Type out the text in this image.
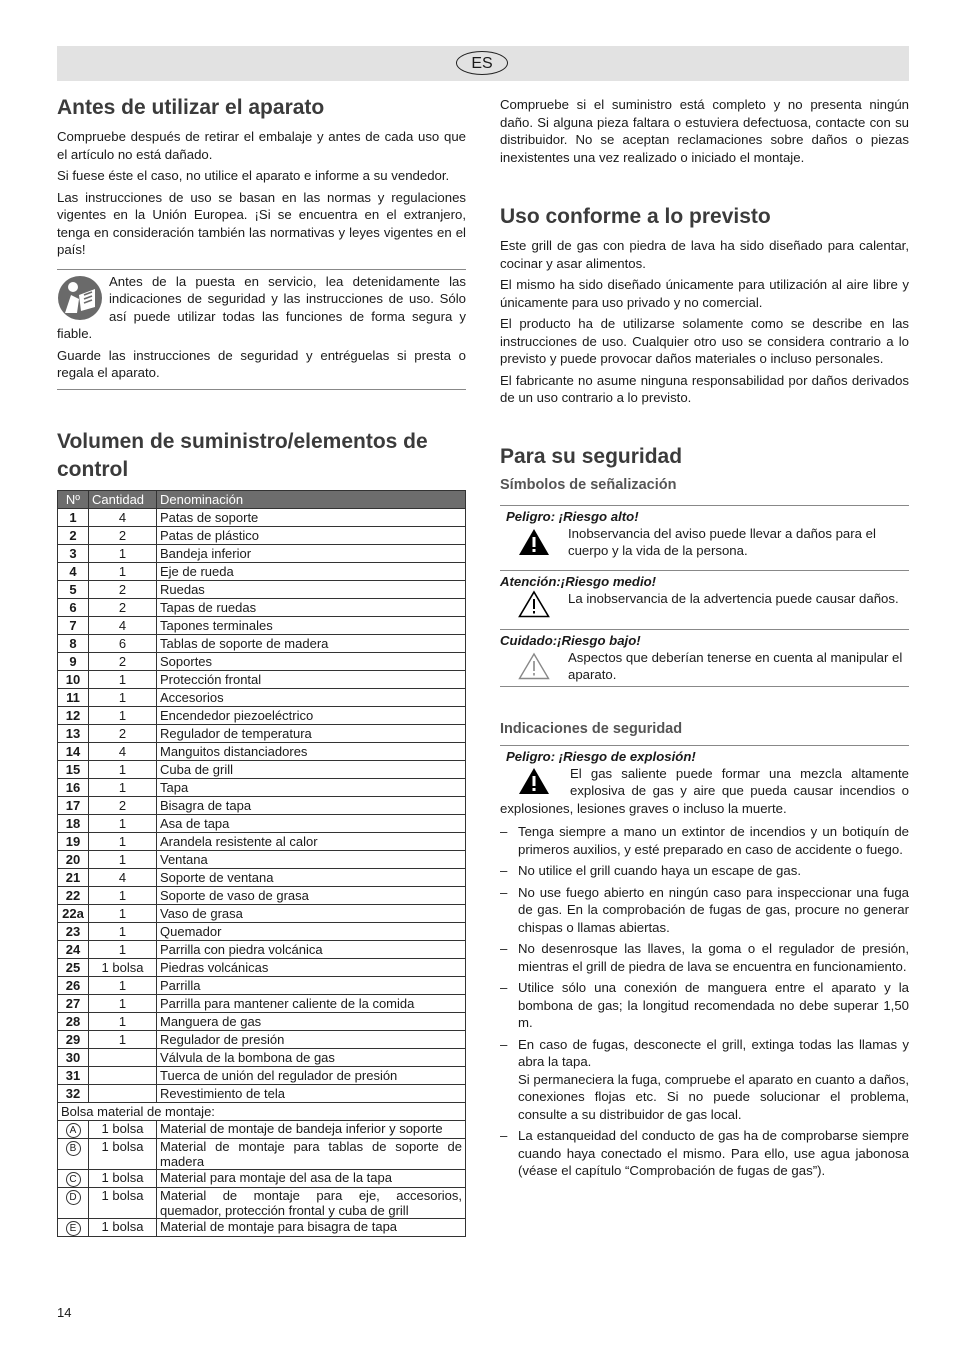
ES
Antes de utilizar el aparato

Compruebe después de retirar el embalaje y antes de cada uso que el artículo no está dañado.

Si fuese éste el caso, no utilice el aparato e informe a su vendedor.

Las instrucciones de uso se basan en las normas y regulaciones vigentes en la Unión Europea. ¡Si se encuentra en el extranjero, tenga en consideración también las normativas y leyes vigentes en el país!

Antes de la puesta en servicio, lea detenidamente las indicaciones de seguridad y las instrucciones de uso. Sólo así puede utilizar todas las funciones de forma segura y fiable.

Guarde las instrucciones de seguridad y entréguelas si presta o regala el aparato.

Volumen de suministro/elementos de control
Nº	Cantidad	Denominación
1	4	Patas de soporte
2	2	Patas de plástico
3	1	Bandeja inferior
4	1	Eje de rueda
5	2	Ruedas
6	2	Tapas de ruedas
7	4	Tapones terminales
8	6	Tablas de soporte de madera
9	2	Soportes
10	1	Protección frontal
11	1	Accesorios
12	1	Encendedor piezoeléctrico
13	2	Regulador de temperatura
14	4	Manguitos distanciadores
15	1	Cuba de grill
16	1	Tapa
17	2	Bisagra de tapa
18	1	Asa de tapa
19	1	Arandela resistente al calor
20	1	Ventana
21	4	Soporte de ventana
22	1	Soporte de vaso de grasa
22a	1	Vaso de grasa
23	1	Quemador
24	1	Parrilla con piedra volcánica
25	1 bolsa	Piedras volcánicas
26	1	Parrilla
27	1	Parrilla para mantener caliente de la comida
28	1	Manguera de gas
29	1	Regulador de presión
30		Válvula de la bombona de gas
31		Tuerca de unión del regulador de presión
32		Revestimiento de tela
Bolsa material de montaje:		
A	1 bolsa	Material de montaje de bandeja inferior y soporte
B	1 bolsa	Material de montaje para tablas de soporte de madera
C	1 bolsa	Material para montaje del asa de la tapa
D	1 bolsa	Material de montaje para eje, accesorios, quemador, protección frontal y cuba de grill
E	1 bolsa	Material de montaje para bisagra de tapa

Compruebe si el suministro está completo y no presenta ningún daño. Si alguna pieza faltara o estuviera defectuosa, contacte con su distribuidor. No se aceptan reclamaciones sobre daños o piezas inexistentes una vez realizado o iniciado el montaje.

Uso conforme a lo previsto

Este grill de gas con piedra de lava ha sido diseñado para calentar, cocinar y asar alimentos.

El mismo ha sido diseñado únicamente para utilización al aire libre y únicamente para uso privado y no comercial.

El producto ha de utilizarse solamente como se describe en las instrucciones de uso. Cualquier otro uso se considera contrario a lo previsto y puede provocar daños materiales o incluso personales.

El fabricante no asume ninguna responsabilidad por daños derivados de un uso contrario a lo previsto.

Para su seguridad
Símbolos de señalización
Peligro: ¡Riesgo alto!
Inobservancia del aviso puede llevar a daños para el cuerpo y la vida de la persona.
Atención:¡Riesgo medio!
La inobservancia de la advertencia puede causar daños.
Cuidado:¡Riesgo bajo!
Aspectos que deberían tenerse en cuenta al manipular el aparato.
Indicaciones de seguridad
Peligro: ¡Riesgo de explosión!
El gas saliente puede formar una mezcla altamente explosiva de gas y aire que pueda causar incendios o explosiones, lesiones graves o incluso la muerte.
– Tenga siempre a mano un extintor de incendios y un botiquín de primeros auxilios, y esté preparado en caso de accidente o fuego.
– No utilice el grill cuando haya un escape de gas.
– No use fuego abierto en ningún caso para inspeccionar una fuga de gas. En la comprobación de fugas de gas, procure no generar chispas o llamas abiertas.
– No desenrosque las llaves, la goma o el regulador de presión, mientras el grill de piedra de lava se encuentra en funcionamiento.
– Utilice sólo una conexión de manguera entre el aparato y la bombona de gas; la longitud recomendada no debe superar 1,50 m.
– En caso de fugas, desconecte el grill, extinga todas las llamas y abra la tapa.
Si permaneciera la fuga, compruebe el aparato en cuanto a daños, conexiones flojas etc. Si no puede solucionar el problema, consulte a su distribuidor de gas local.
– La estanqueidad del conducto de gas ha de comprobarse siempre cuando haya conectado el mismo. Para ello, use agua jabonosa (véase el capítulo “Comprobación de fugas de gas”).
14
